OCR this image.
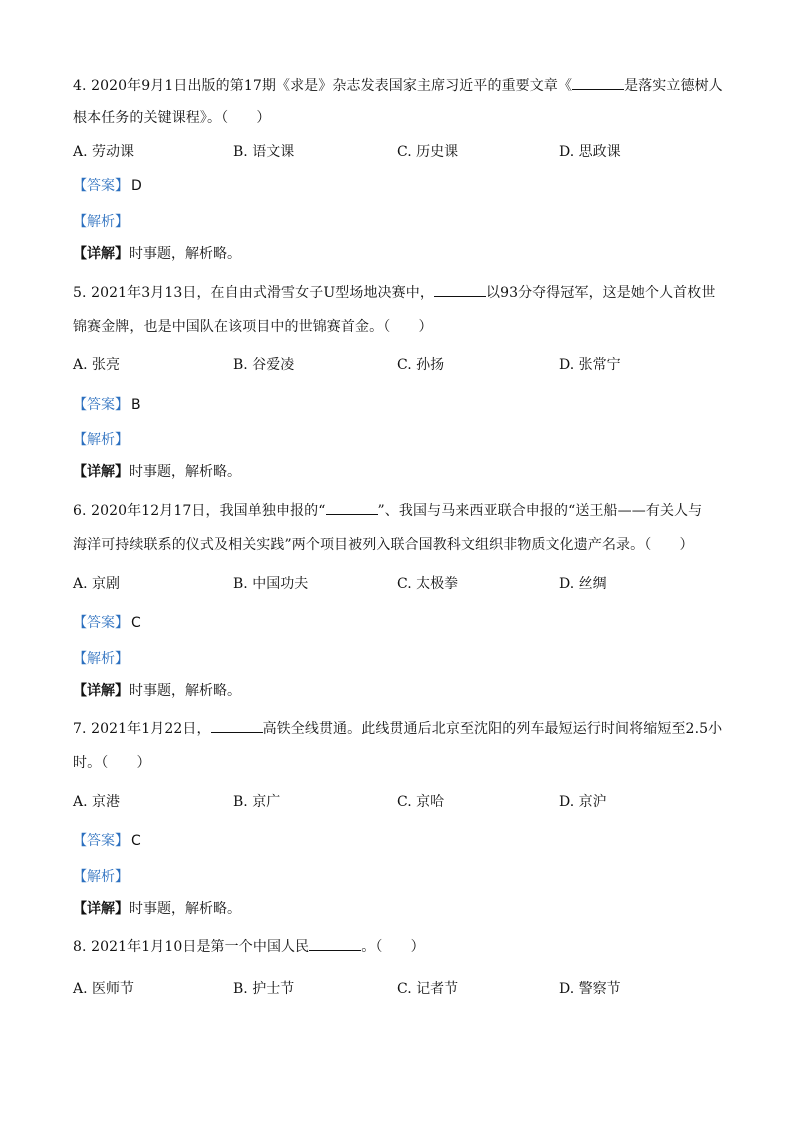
4. 2020年9月1日出版的第17期《求是》杂志发表国家主席习近平的重要文章《	是落实立德树人
根本任务的关键课程》。（　　）
A. 劳动课	B. 语文课	C. 历史课	D. 思政课
【答案】 D
【解析】
【详解】时事题，解析略。
5. 2021年3月13日，在自由式滑雪女子U型场地决赛中，	以93分夺得冠军，这是她个人首枚世
锦赛金牌，也是中国队在该项目中的世锦赛首金。（　　）
A. 张亮	B. 谷爱凌	C. 孙扬	D. 张常宁
【答案】 B
【解析】
【详解】时事题，解析略。
6. 2020年12月17日，我国单独申报的“	”、我国与马来西亚联合申报的“送王船——有关人与
海洋可持续联系的仪式及相关实践”两个项目被列入联合国教科文组织非物质文化遗产名录。（　　）
A. 京剧	B. 中国功夫	C. 太极拳	D. 丝绸
【答案】 C
【解析】
【详解】时事题，解析略。
7. 2021年1月22日，	高铁全线贯通。此线贯通后北京至沈阳的列车最短运行时间将缩短至2.5小
时。（　　）
A. 京港	B. 京广	C. 京哈	D. 京沪
【答案】 C
【解析】
【详解】时事题，解析略。
8. 2021年1月10日是第一个中国人民	。（　　）
A. 医师节	B. 护士节	C. 记者节	D. 警察节
